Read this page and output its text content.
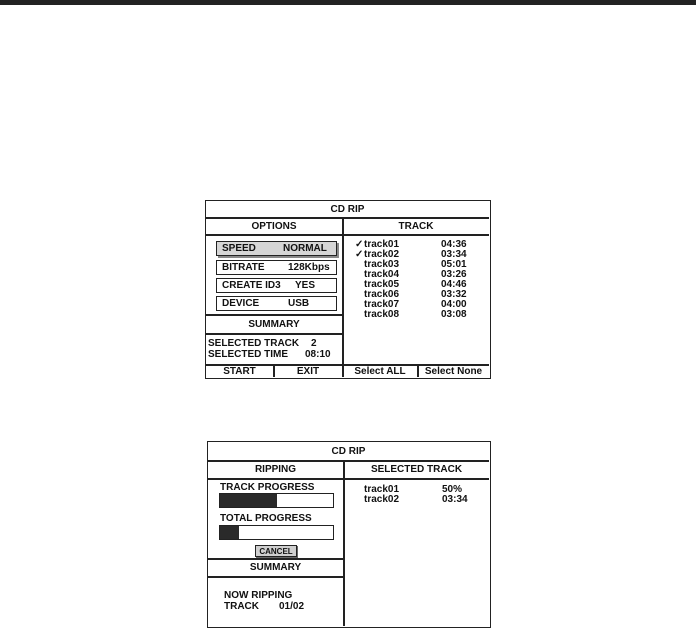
CD RIP
OPTIONS	TRACK
SPEED	NORMAL
BITRATE 128Kbps
CREATE ID3 YES
DEVICE	USB
SUMMARY
SELECTED TRACK 2
SELECTED TIME 08:10
✓ track01	04:36
✓ track02	03:34
track03	05:01
track04	03:26
track05	04:46
track06	03:32
track07	04:00
track08	03:08
START	EXIT	Select ALL	Select None
CD RIP
RIPPING	SELECTED TRACK
TRACK PROGRESS
TOTAL PROGRESS
CANCEL
SUMMARY
NOW RIPPING
TRACK 01/02
track01	50%
track02	03:34
